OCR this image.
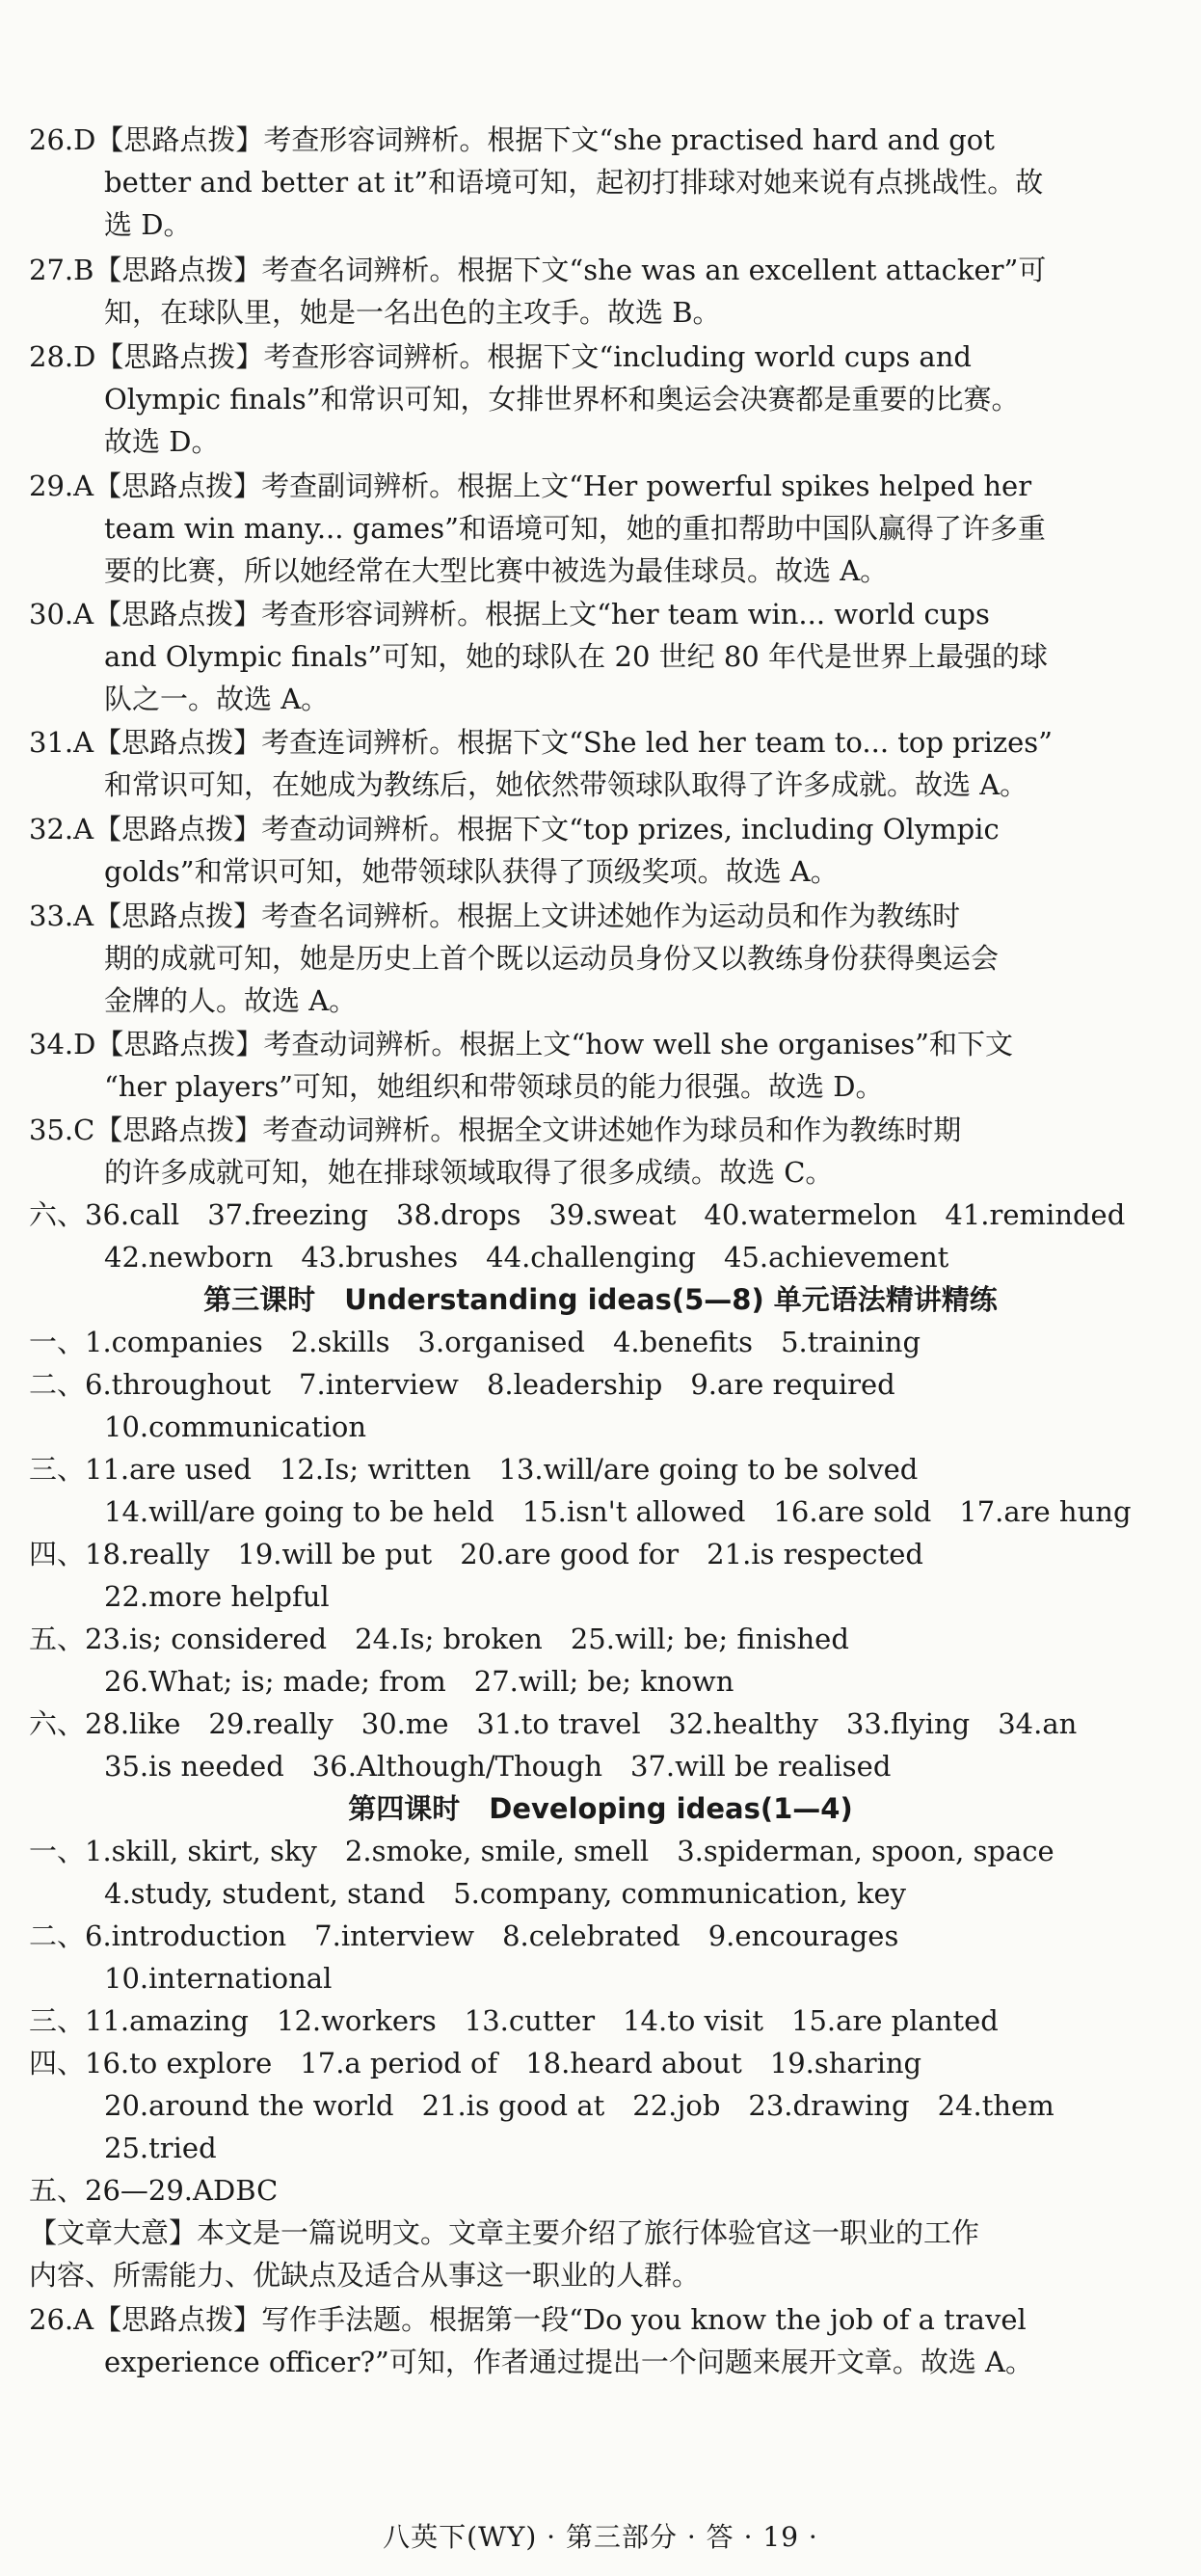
26.D【思路点拨】考查形容词辨析。根据下文“she practised hard and got
better and better at it”和语境可知，起初打排球对她来说有点挑战性。故
选 D。
27.B【思路点拨】考查名词辨析。根据下文“she was an excellent attacker”可
知，在球队里，她是一名出色的主攻手。故选 B。
28.D【思路点拨】考查形容词辨析。根据下文“including world cups and
Olympic finals”和常识可知，女排世界杯和奥运会决赛都是重要的比赛。
故选 D。
29.A【思路点拨】考查副词辨析。根据上文“Her powerful spikes helped her
team win many... games”和语境可知，她的重扣帮助中国队赢得了许多重
要的比赛，所以她经常在大型比赛中被选为最佳球员。故选 A。
30.A【思路点拨】考查形容词辨析。根据上文“her team win... world cups
and Olympic finals”可知，她的球队在 20 世纪 80 年代是世界上最强的球
队之一。故选 A。
31.A【思路点拨】考查连词辨析。根据下文“She led her team to... top prizes”
和常识可知，在她成为教练后，她依然带领球队取得了许多成就。故选 A。
32.A【思路点拨】考查动词辨析。根据下文“top prizes, including Olympic
golds”和常识可知，她带领球队获得了顶级奖项。故选 A。
33.A【思路点拨】考查名词辨析。根据上文讲述她作为运动员和作为教练时
期的成就可知，她是历史上首个既以运动员身份又以教练身份获得奥运会
金牌的人。故选 A。
34.D【思路点拨】考查动词辨析。根据上文“how well she organises”和下文
“her players”可知，她组织和带领球员的能力很强。故选 D。
35.C【思路点拨】考查动词辨析。根据全文讲述她作为球员和作为教练时期
的许多成就可知，她在排球领域取得了很多成绩。故选 C。
六、36.call　37.freezing　38.drops　39.sweat　40.watermelon　41.reminded
42.newborn　43.brushes　44.challenging　45.achievement
第三课时 Understanding ideas(5—8) 单元语法精讲精练
一、1.companies　2.skills　3.organised　4.benefits　5.training
二、6.throughout　7.interview　8.leadership　9.are required
10.communication
三、11.are used　12.Is; written　13.will/are going to be solved
14.will/are going to be held　15.isn't allowed　16.are sold　17.are hung
四、18.really　19.will be put　20.are good for　21.is respected
22.more helpful
五、23.is; considered　24.Is; broken　25.will; be; finished
26.What; is; made; from　27.will; be; known
六、28.like　29.really　30.me　31.to travel　32.healthy　33.flying　34.an
35.is needed　36.Although/Though　37.will be realised
第四课时 Developing ideas(1—4)
一、1.skill, skirt, sky　2.smoke, smile, smell　3.spiderman, spoon, space
4.study, student, stand　5.company, communication, key
二、6.introduction　7.interview　8.celebrated　9.encourages
10.international
三、11.amazing　12.workers　13.cutter　14.to visit　15.are planted
四、16.to explore　17.a period of　18.heard about　19.sharing
20.around the world　21.is good at　22.job　23.drawing　24.them
25.tried
五、26—29.ADBC
【文章大意】本文是一篇说明文。文章主要介绍了旅行体验官这一职业的工作
内容、所需能力、优缺点及适合从事这一职业的人群。
26.A【思路点拨】写作手法题。根据第一段“Do you know the job of a travel
experience officer?”可知，作者通过提出一个问题来展开文章。故选 A。
八英下(WY) · 第三部分 · 答 · 19 ·
